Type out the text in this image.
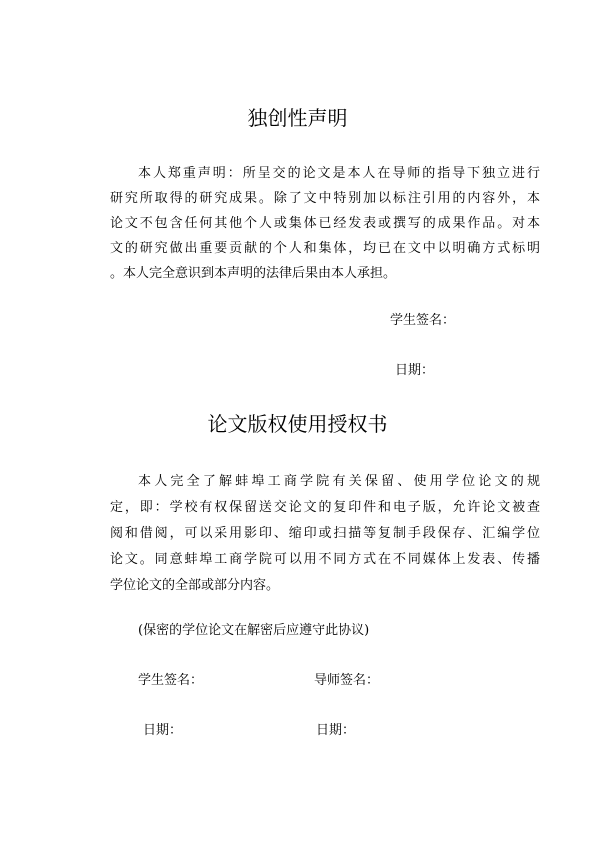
独创性声明
本人郑重声明：所呈交的论文是本人在导师的指导下独立进行
研究所取得的研究成果。除了文中特别加以标注引用的内容外，本
论文不包含任何其他个人或集体已经发表或撰写的成果作品。对本
文的研究做出重要贡献的个人和集体，均已在文中以明确方式标明
。本人完全意识到本声明的法律后果由本人承担。
学生签名：
日期：
论文版权使用授权书
本人完全了解蚌埠工商学院有关保留、使用学位论文的规
定，即：学校有权保留送交论文的复印件和电子版，允许论文被查
阅和借阅，可以采用影印、缩印或扫描等复制手段保存、汇编学位
论文。同意蚌埠工商学院可以用不同方式在不同媒体上发表、传播
学位论文的全部或部分内容。
(保密的学位论文在解密后应遵守此协议)
学生签名：	导师签名：
日期：	日期：
